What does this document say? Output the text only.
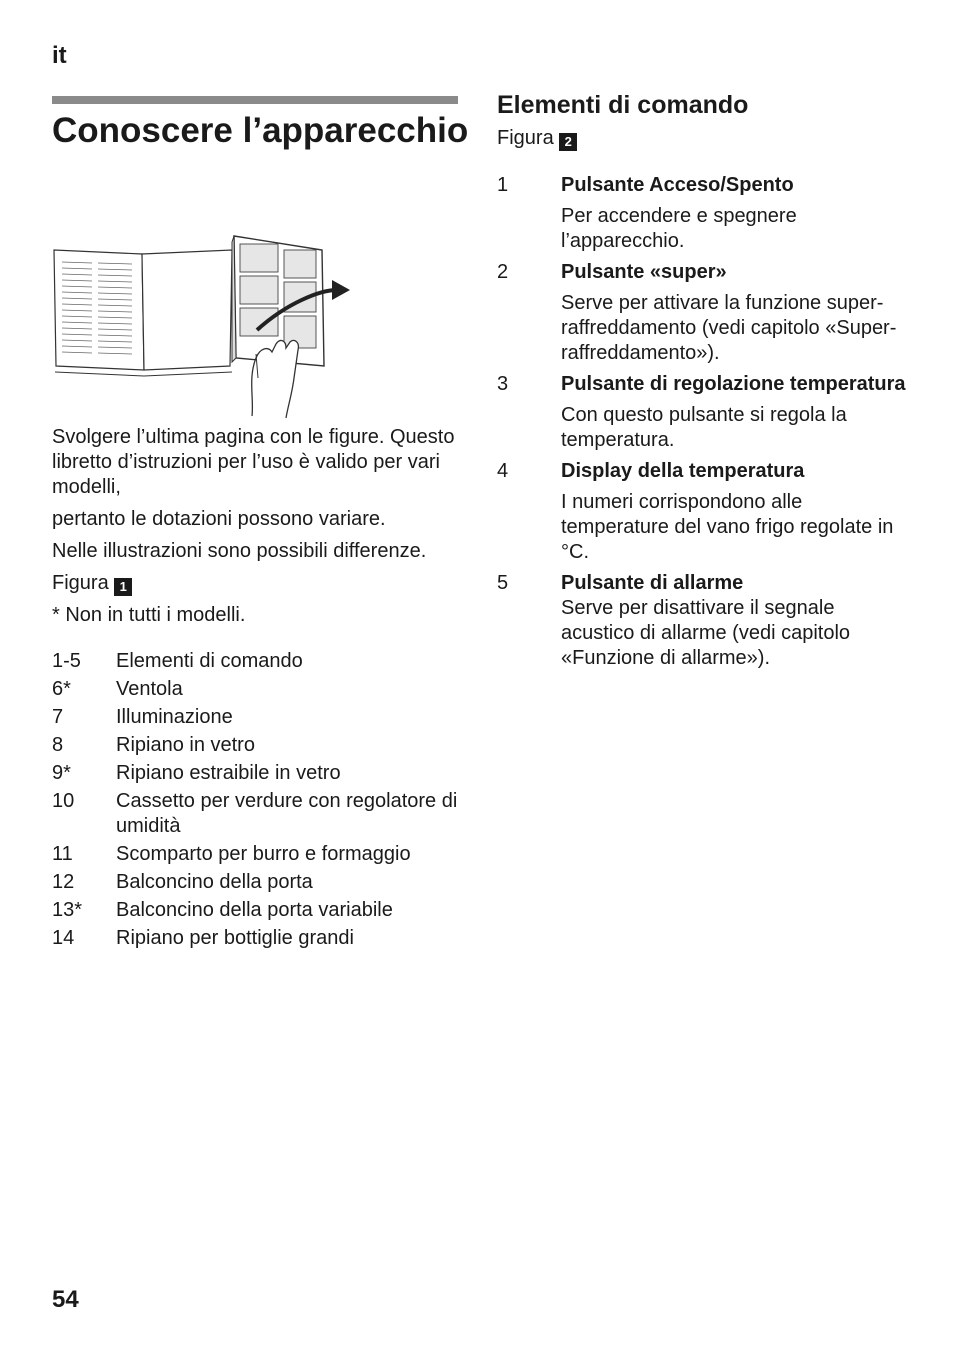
it
Conoscere l’apparecchio

Svolgere l’ultima pagina con le figure. Questo libretto d’istruzioni per l’uso è valido per vari modelli,

pertanto le dotazioni possono variare.

Nelle illustrazioni sono possibili differenze.

Figura 1

* Non in tutti i modelli.

1-5	Elementi di comando
6*	Ventola
7	Illuminazione
8	Ripiano in vetro
9*	Ripiano estraibile in vetro
10	Cassetto per verdure con regolatore di umidità
11	Scomparto per burro e formaggio
12	Balconcino della porta
13*	Balconcino della porta variabile
14	Ripiano per bottiglie grandi
Elementi di comando

Figura 2

1	Pulsante Acceso/Spento
Per accendere e spegnere l’apparecchio.
2	Pulsante «super»
Serve per attivare la funzione super-raffreddamento (vedi capitolo «Super-raffreddamento»).
3	Pulsante di regolazione temperatura
Con questo pulsante si regola la temperatura.
4	Display della temperatura
I numeri corrispondono alle temperature del vano frigo regolate in °C.
5	Pulsante di allarme
Serve per disattivare il segnale acustico di allarme (vedi capitolo «Funzione di allarme»).
54
